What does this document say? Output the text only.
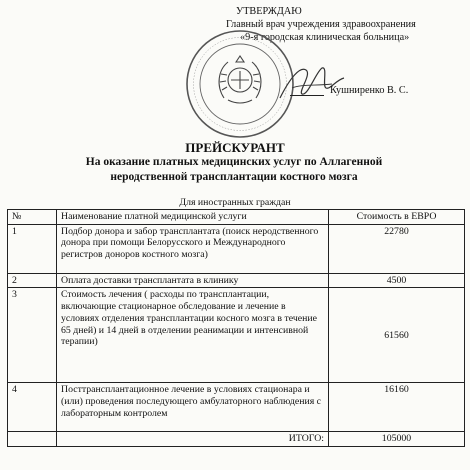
УТВЕРЖДАЮ
Главный врач учреждения здравоохранения
«9-я городская клиническая больница»
Кушниренко В. С.
ПРЕЙСКУРАНТ
На оказание платных медицинских услуг по Аллагенной
неродственной трансплантации костного мозга
Для иностранных граждан
№	Наименование платной медицинской услуги	Стоимость в ЕВРО
1	Подбор донора и забор трансплантата (поиск неродственного донора при помощи Белорусского и Международного регистров доноров костного мозга)	22780

2	Оплата доставки трансплантата в клинику	4500

3	Стоимость лечения ( расходы по трансплантации, включающие стационарное обследование и лечение в условиях отделения трансплантации косного мозга в течение 65 дней) и 14 дней в отделении реанимации и интенсивной терапии)	61560

4	Посттрансплантационное лечение в условиях стационара и (или) проведения последующего амбулаторного наблюдения с лабораторным контролем	16160

	ИТОГО:	105000
